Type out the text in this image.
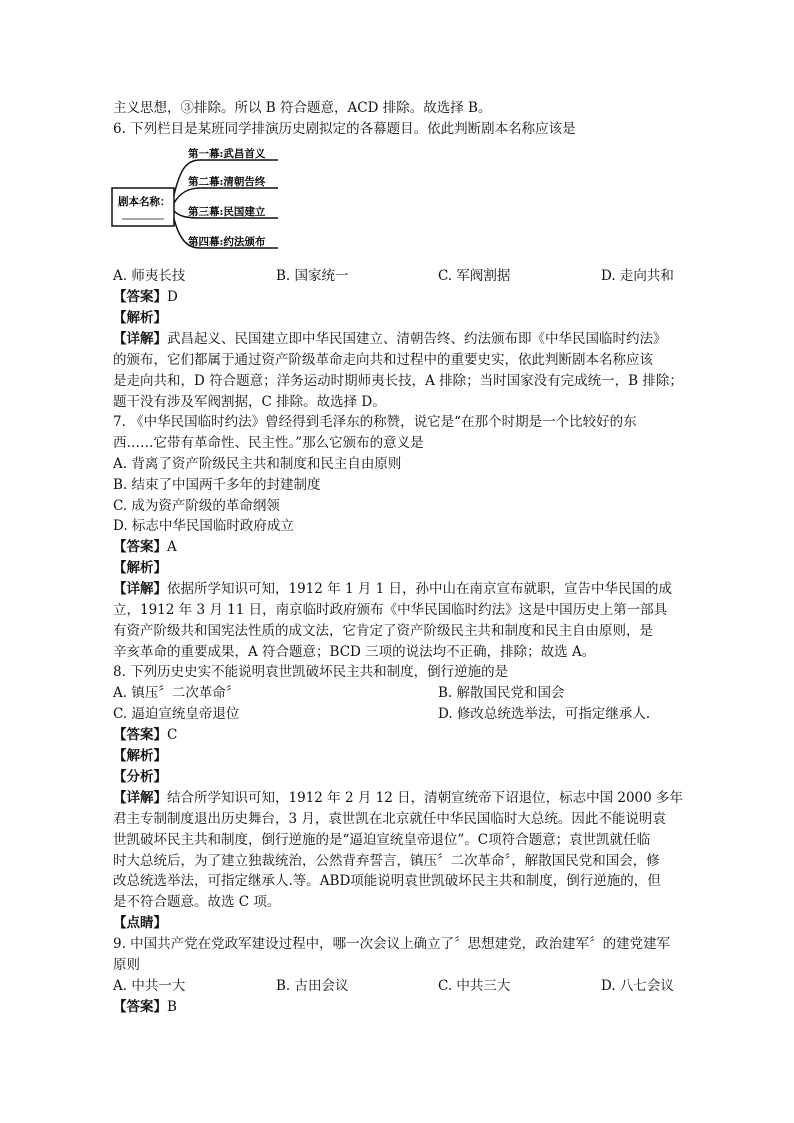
主义思想，③排除。所以 B 符合题意，ACD 排除。故选择 B。
6. 下列栏目是某班同学排演历史剧拟定的各幕题目。依此判断剧本名称应该是
剧本名称：
第一幕:武昌首义
第二幕:清朝告终
第三幕:民国建立
第四幕:约法颁布
A. 师夷长技	B. 国家统一	C. 军阀割据	D. 走向共和
【答案】D
【解析】
【详解】武昌起义、民国建立即中华民国建立、清朝告终、约法颁布即《中华民国临时约法》
的颁布，它们都属于通过资产阶级革命走向共和过程中的重要史实，依此判断剧本名称应该
是走向共和，D 符合题意；洋务运动时期师夷长技，A 排除；当时国家没有完成统一，B 排除；
题干没有涉及军阀割据，C 排除。故选择 D。
7. 《中华民国临时约法》曾经得到毛泽东的称赞，说它是“在那个时期是一个比较好的东
西……它带有革命性、民主性。”那么它颁布的意义是
A. 背离了资产阶级民主共和制度和民主自由原则
B. 结束了中国两千多年的封建制度
C. 成为资产阶级的革命纲领
D. 标志中华民国临时政府成立
【答案】A
【解析】
【详解】依据所学知识可知，1912 年 1 月 1 日，孙中山在南京宣布就职，宣告中华民国的成
立，1912 年 3 月 11 日，南京临时政府颁布《中华民国临时约法》这是中国历史上第一部具
有资产阶级共和国宪法性质的成文法，它肯定了资产阶级民主共和制度和民主自由原则，是
辛亥革命的重要成果，A 符合题意；BCD 三项的说法均不正确，排除；故选 A。
8. 下列历史史实不能说明袁世凯破坏民主共和制度，倒行逆施的是
A. 镇压〞二次革命〞	B. 解散国民党和国会
C. 逼迫宣统皇帝退位	D. 修改总统选举法，可指定继承人.
【答案】C
【解析】
【分析】
【详解】结合所学知识可知，1912 年 2 月 12 日，清朝宣统帝下诏退位，标志中国 2000 多年
君主专制制度退出历史舞台，3 月，袁世凯在北京就任中华民国临时大总统。因此不能说明袁
世凯破坏民主共和制度，倒行逆施的是“逼迫宣统皇帝退位”。C项符合题意；袁世凯就任临
时大总统后，为了建立独裁统治，公然背弃誓言，镇压〞二次革命〞，解散国民党和国会，修
改总统选举法，可指定继承人.等。ABD项能说明袁世凯破坏民主共和制度，倒行逆施的，但
是不符合题意。故选 C 项。
【点睛】
9. 中国共产党在党政军建设过程中，哪一次会议上确立了〞思想建党，政治建军〞的建党建军
原则
A. 中共一大	B. 古田会议	C. 中共三大	D. 八七会议
【答案】B
